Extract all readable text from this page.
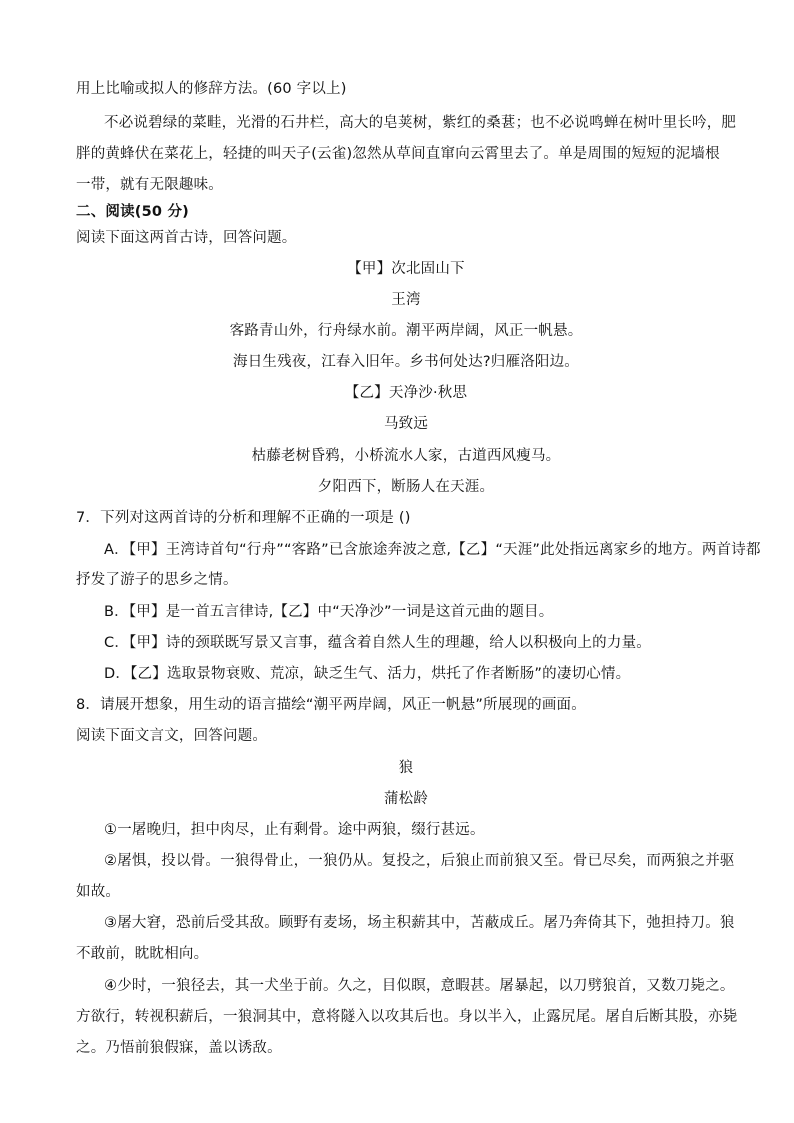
用上比喻或拟人的修辞方法。(60 字以上)
不必说碧绿的菜畦，光滑的石井栏，高大的皂荚树，紫红的桑葚；也不必说鸣蝉在树叶里长吟，肥
胖的黄蜂伏在菜花上，轻捷的叫天子(云雀)忽然从草间直窜向云霄里去了。单是周围的短短的泥墙根
一带，就有无限趣味。
二、阅读(50 分)
阅读下面这两首古诗，回答问题。
【甲】次北固山下
王湾
客路青山外，行舟绿水前。潮平两岸阔，风正一帆悬。
海日生残夜，江春入旧年。乡书何处达?归雁洛阳边。
【乙】天净沙·秋思
马致远
枯藤老树昏鸦，小桥流水人家，古道西风瘦马。
夕阳西下，断肠人在天涯。
7．下列对这两首诗的分析和理解不正确的一项是 ()
A．【甲】王湾诗首句“行舟”“客路”已含旅途奔波之意,【乙】“天涯”此处指远离家乡的地方。两首诗都
抒发了游子的思乡之情。
B．【甲】是一首五言律诗,【乙】中“天净沙”一词是这首元曲的题目。
C．【甲】诗的颈联既写景又言事，蕴含着自然人生的理趣，给人以积极向上的力量。
D．【乙】选取景物衰败、荒凉，缺乏生气、活力，烘托了作者断肠”的凄切心情。
8．请展开想象，用生动的语言描绘“潮平两岸阔，风正一帆悬”所展现的画面。
阅读下面文言文，回答问题。
狼
蒲松龄
①一屠晚归，担中肉尽，止有剩骨。途中两狼，缀行甚远。
②屠惧，投以骨。一狼得骨止，一狼仍从。复投之，后狼止而前狼又至。骨已尽矣，而两狼之并驱
如故。
③屠大窘，恐前后受其敌。顾野有麦场，场主积薪其中，苫蔽成丘。屠乃奔倚其下，弛担持刀。狼
不敢前，眈眈相向。
④少时，一狼径去，其一犬坐于前。久之，目似瞑，意暇甚。屠暴起，以刀劈狼首，又数刀毙之。
方欲行，转视积薪后，一狼洞其中，意将隧入以攻其后也。身以半入，止露尻尾。屠自后断其股，亦毙
之。乃悟前狼假寐，盖以诱敌。
